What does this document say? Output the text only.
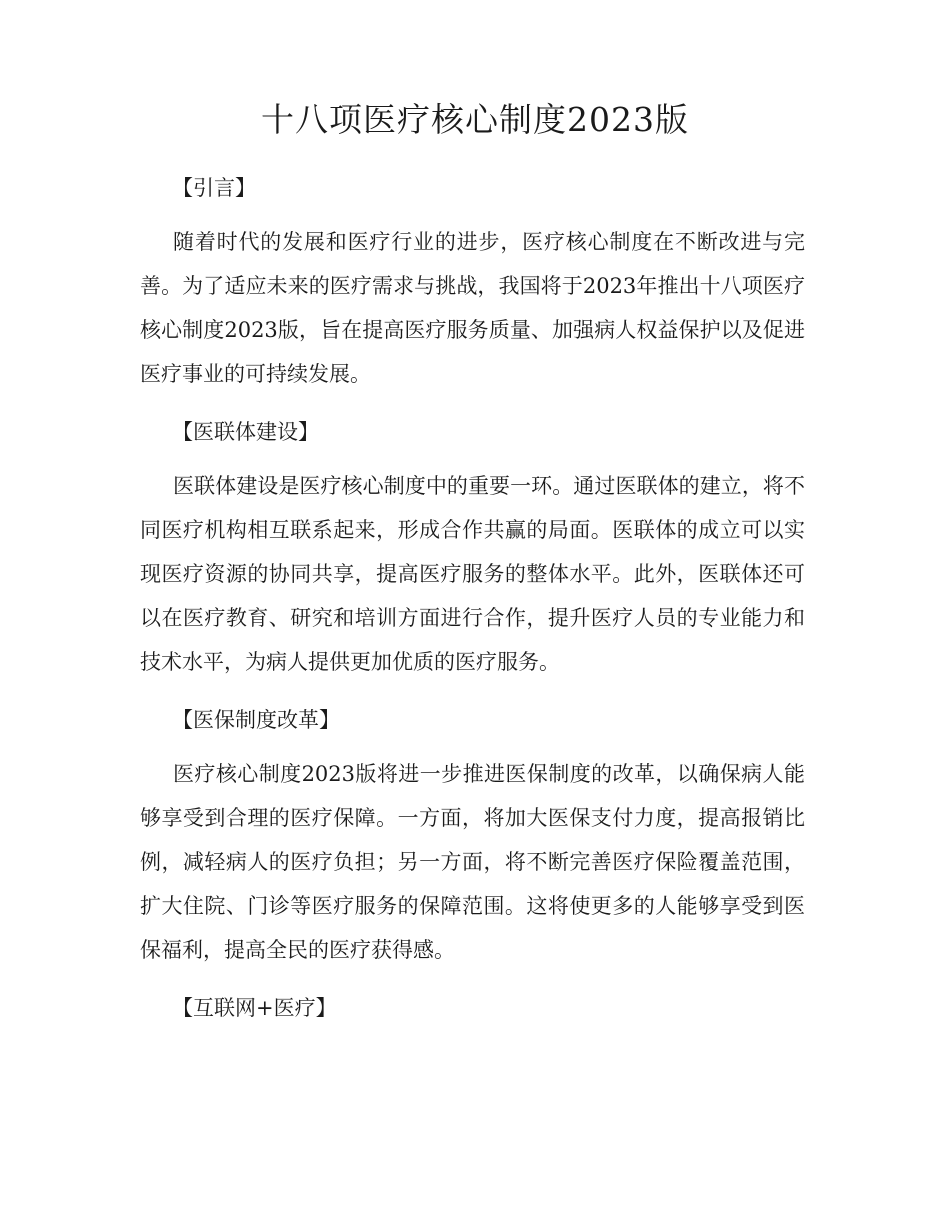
十八项医疗核心制度2023版
【引言】

随着时代的发展和医疗行业的进步，医疗核心制度在不断改进与完善。为了适应未来的医疗需求与挑战，我国将于2023年推出十八项医疗核心制度2023版，旨在提高医疗服务质量、加强病人权益保护以及促进医疗事业的可持续发展。

【医联体建设】

医联体建设是医疗核心制度中的重要一环。通过医联体的建立，将不同医疗机构相互联系起来，形成合作共赢的局面。医联体的成立可以实现医疗资源的协同共享，提高医疗服务的整体水平。此外，医联体还可以在医疗教育、研究和培训方面进行合作，提升医疗人员的专业能力和技术水平，为病人提供更加优质的医疗服务。

【医保制度改革】

医疗核心制度2023版将进一步推进医保制度的改革，以确保病人能够享受到合理的医疗保障。一方面，将加大医保支付力度，提高报销比例，减轻病人的医疗负担；另一方面，将不断完善医疗保险覆盖范围，扩大住院、门诊等医疗服务的保障范围。这将使更多的人能够享受到医保福利，提高全民的医疗获得感。

【互联网+医疗】
